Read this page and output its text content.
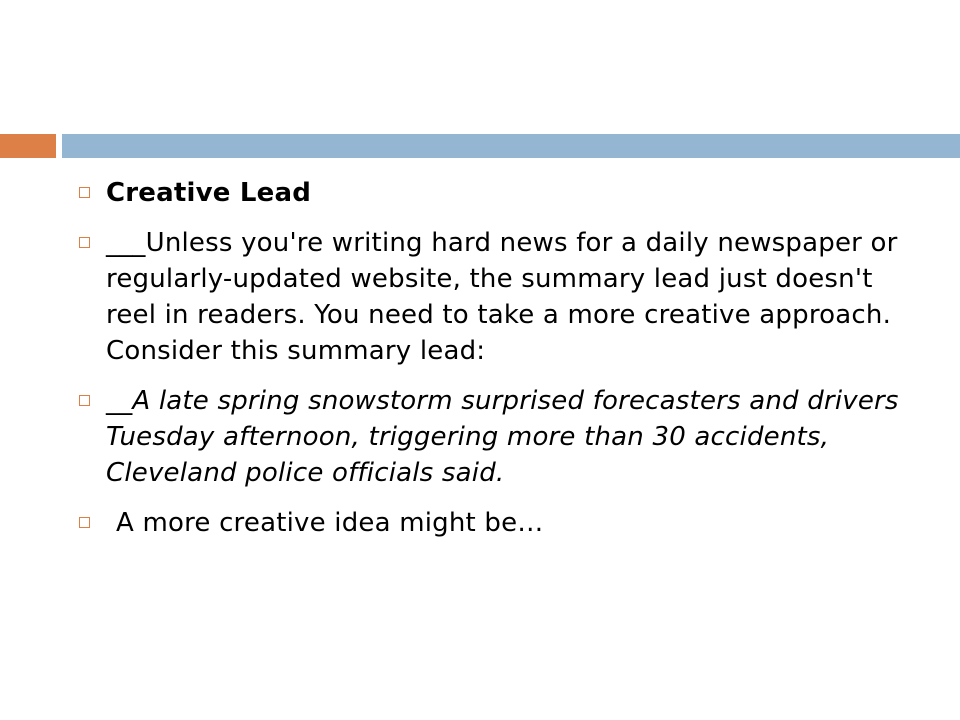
Creative Lead
___Unless you're writing hard news for a daily newspaper or regularly-updated website, the summary lead just doesn't reel in readers. You need to take a more creative approach. Consider this summary lead:
__A late spring snowstorm surprised forecasters and drivers Tuesday afternoon, triggering more than 30 accidents, Cleveland police officials said.
A more creative idea might be…
